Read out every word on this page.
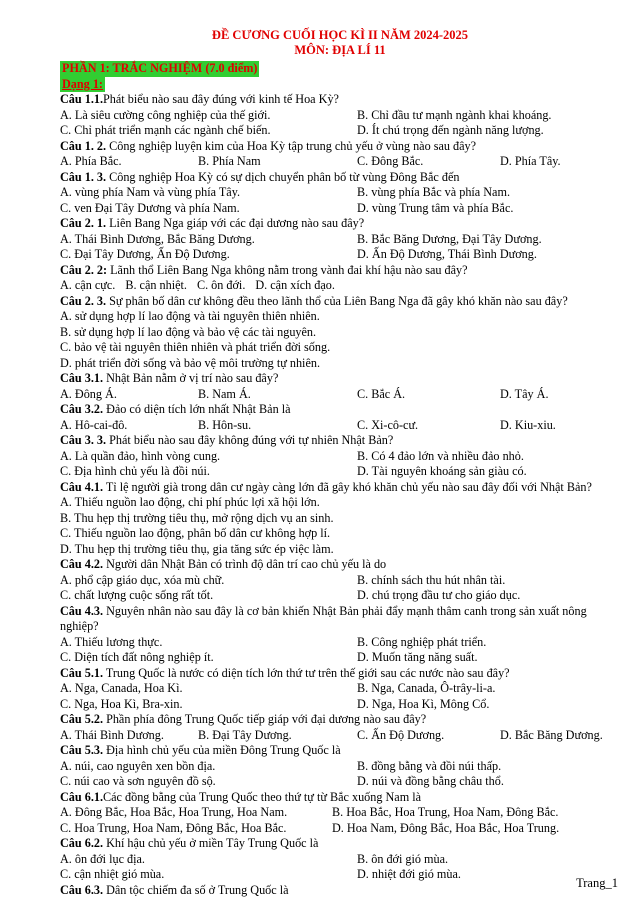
ĐỀ CƯƠNG CUỐI HỌC KÌ II NĂM 2024-2025
MÔN: ĐỊA LÍ 11
PHẦN 1: TRẮC NGHIỆM (7.0 điểm)
Dạng 1:
Câu 1.1.Phát biểu nào sau đây đúng với kinh tế Hoa Kỳ?
A. Là siêu cường công nghiệp của thế giới.	B. Chỉ đầu tư mạnh ngành khai khoáng.
C. Chỉ phát triển mạnh các ngành chế biến.	D. Ít chú trọng đến ngành năng lượng.
Câu 1. 2. Công nghiệp luyện kim của Hoa Kỳ tập trung chủ yếu ở vùng nào sau đây?
A. Phía Bắc.	B. Phía Nam	C. Đông Bắc.	D. Phía Tây.
Câu 1. 3. Công nghiệp Hoa Kỳ có sự dịch chuyển phân bố từ vùng Đông Bắc đến
A. vùng phía Nam và vùng phía Tây.	B. vùng phía Bắc và phía Nam.
C. ven Đại Tây Dương và phía Nam.	D. vùng Trung tâm và phía Bắc.
Câu 2. 1. Liên Bang Nga giáp với các đại dương nào sau đây?
A. Thái Bình Dương, Bắc Băng Dương.	B. Bắc Băng Dương, Đại Tây Dương.
C. Đại Tây Dương, Ấn Độ Dương.	D. Ấn Độ Dương, Thái Bình Dương.
Câu 2. 2: Lãnh thổ Liên Bang Nga không nằm trong vành đai khí hậu nào sau đây?
A. cận cực. B. cận nhiệt. C. ôn đới. D. cận xích đạo.
Câu 2. 3. Sự phân bố dân cư không đều theo lãnh thổ của Liên Bang Nga đã gây khó khăn nào sau đây?
A. sử dụng hợp lí lao động và tài nguyên thiên nhiên.
B. sử dụng hợp lí lao động và bảo vệ các tài nguyên.
C. bảo vệ tài nguyên thiên nhiên và phát triển đời sống.
D. phát triển đời sống và bảo vệ môi trường tự nhiên.
Câu 3.1. Nhật Bản nằm ở vị trí nào sau đây?
A. Đông Á.	B. Nam Á.	C. Bắc Á.	D. Tây Á.
Câu 3.2. Đảo có diện tích lớn nhất Nhật Bản là
A. Hô-cai-đô.	B. Hôn-su.	C. Xi-cô-cư.	D. Kiu-xiu.
Câu 3. 3. Phát biểu nào sau đây không đúng với tự nhiên Nhật Bản?
A. Là quần đảo, hình vòng cung.	B. Có 4 đảo lớn và nhiều đảo nhỏ.
C. Địa hình chủ yếu là đồi núi.	D. Tài nguyên khoáng sản giàu có.
Câu 4.1. Tỉ lệ người già trong dân cư ngày càng lớn đã gây khó khăn chủ yếu nào sau đây đối với Nhật Bản?
A. Thiếu nguồn lao động, chi phí phúc lợi xã hội lớn.
B. Thu hẹp thị trường tiêu thụ, mở rộng dịch vụ an sinh.
C. Thiếu nguồn lao động, phân bố dân cư không hợp lí.
D. Thu hẹp thị trường tiêu thụ, gia tăng sức ép việc làm.
Câu 4.2. Người dân Nhật Bản có trình độ dân trí cao chủ yếu là do
A. phổ cập giáo dục, xóa mù chữ.	B. chính sách thu hút nhân tài.
C. chất lượng cuộc sống rất tốt.	D. chú trọng đầu tư cho giáo dục.
Câu 4.3. Nguyên nhân nào sau đây là cơ bản khiến Nhật Bản phải đẩy mạnh thâm canh trong sản xuất nông nghiệp?
A. Thiếu lương thực.	B. Công nghiệp phát triển.
C. Diện tích đất nông nghiệp ít.	D. Muốn tăng năng suất.
Câu 5.1. Trung Quốc là nước có diện tích lớn thứ tư trên thế giới sau các nước nào sau đây?
A. Nga, Canada, Hoa Kì.	B. Nga, Canada, Ô-trây-li-a.
C. Nga, Hoa Kì, Bra-xin.	D. Nga, Hoa Kì, Mông Cổ.
Câu 5.2. Phần phía đông Trung Quốc tiếp giáp với đại dương nào sau đây?
A. Thái Bình Dương.	B. Đại Tây Dương.	C. Ấn Độ Dương.	D. Bắc Băng Dương.
Câu 5.3. Địa hình chủ yếu của miền Đông Trung Quốc là
A. núi, cao nguyên xen bồn địa.	B. đồng bằng và đồi núi thấp.
C. núi cao và sơn nguyên đồ sộ.	D. núi và đồng bằng châu thổ.
Câu 6.1.Các đồng bằng của Trung Quốc theo thứ tự từ Bắc xuống Nam là
A. Đông Bắc, Hoa Bắc, Hoa Trung, Hoa Nam.	B. Hoa Bắc, Hoa Trung, Hoa Nam, Đông Bắc.
C. Hoa Trung, Hoa Nam, Đông Bắc, Hoa Bắc.	D. Hoa Nam, Đông Bắc, Hoa Bắc, Hoa Trung.
Câu 6.2. Khí hậu chủ yếu ở miền Tây Trung Quốc là
A. ôn đới lục địa.	B. ôn đới gió mùa.
C. cận nhiệt gió mùa.	D. nhiệt đới gió mùa.
Câu 6.3. Dân tộc chiếm đa số ở Trung Quốc là	Trang_1
